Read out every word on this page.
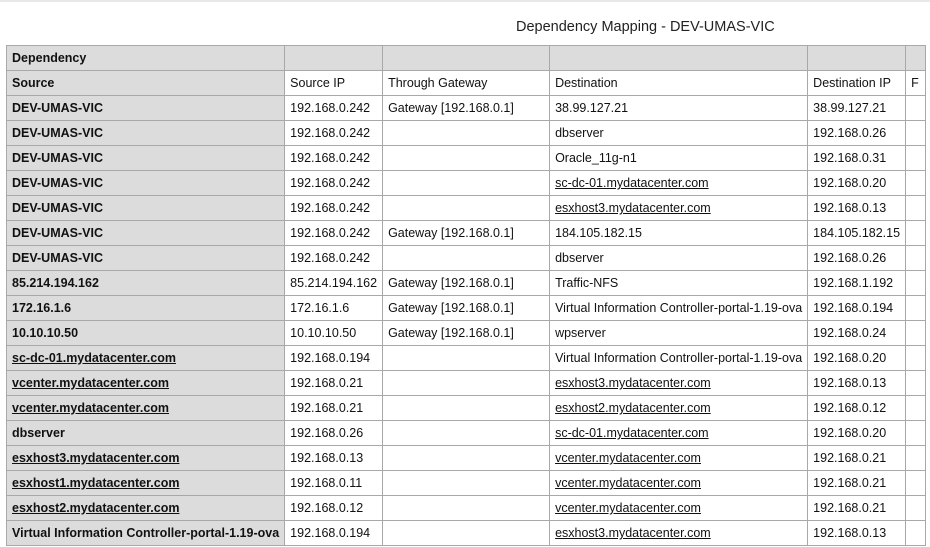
Dependency Mapping - DEV-UMAS-VIC
Dependency					
Source	Source IP	Through Gateway	Destination	Destination IP	F
DEV-UMAS-VIC	192.168.0.242	Gateway [192.168.0.1]	38.99.127.21	38.99.127.21	
DEV-UMAS-VIC	192.168.0.242		dbserver	192.168.0.26	
DEV-UMAS-VIC	192.168.0.242		Oracle_11g-n1	192.168.0.31	
DEV-UMAS-VIC	192.168.0.242		sc-dc-01.mydatacenter.com	192.168.0.20	
DEV-UMAS-VIC	192.168.0.242		esxhost3.mydatacenter.com	192.168.0.13	
DEV-UMAS-VIC	192.168.0.242	Gateway [192.168.0.1]	184.105.182.15	184.105.182.15	
DEV-UMAS-VIC	192.168.0.242		dbserver	192.168.0.26	
85.214.194.162	85.214.194.162	Gateway [192.168.0.1]	Traffic-NFS	192.168.1.192	
172.16.1.6	172.16.1.6	Gateway [192.168.0.1]	Virtual Information Controller-portal-1.19-ova	192.168.0.194	
10.10.10.50	10.10.10.50	Gateway [192.168.0.1]	wpserver	192.168.0.24	
sc-dc-01.mydatacenter.com	192.168.0.194		Virtual Information Controller-portal-1.19-ova	192.168.0.20	
vcenter.mydatacenter.com	192.168.0.21		esxhost3.mydatacenter.com	192.168.0.13	
vcenter.mydatacenter.com	192.168.0.21		esxhost2.mydatacenter.com	192.168.0.12	
dbserver	192.168.0.26		sc-dc-01.mydatacenter.com	192.168.0.20	
esxhost3.mydatacenter.com	192.168.0.13		vcenter.mydatacenter.com	192.168.0.21	
esxhost1.mydatacenter.com	192.168.0.11		vcenter.mydatacenter.com	192.168.0.21	
esxhost2.mydatacenter.com	192.168.0.12		vcenter.mydatacenter.com	192.168.0.21	
Virtual Information Controller-portal-1.19-ova	192.168.0.194		esxhost3.mydatacenter.com	192.168.0.13	
